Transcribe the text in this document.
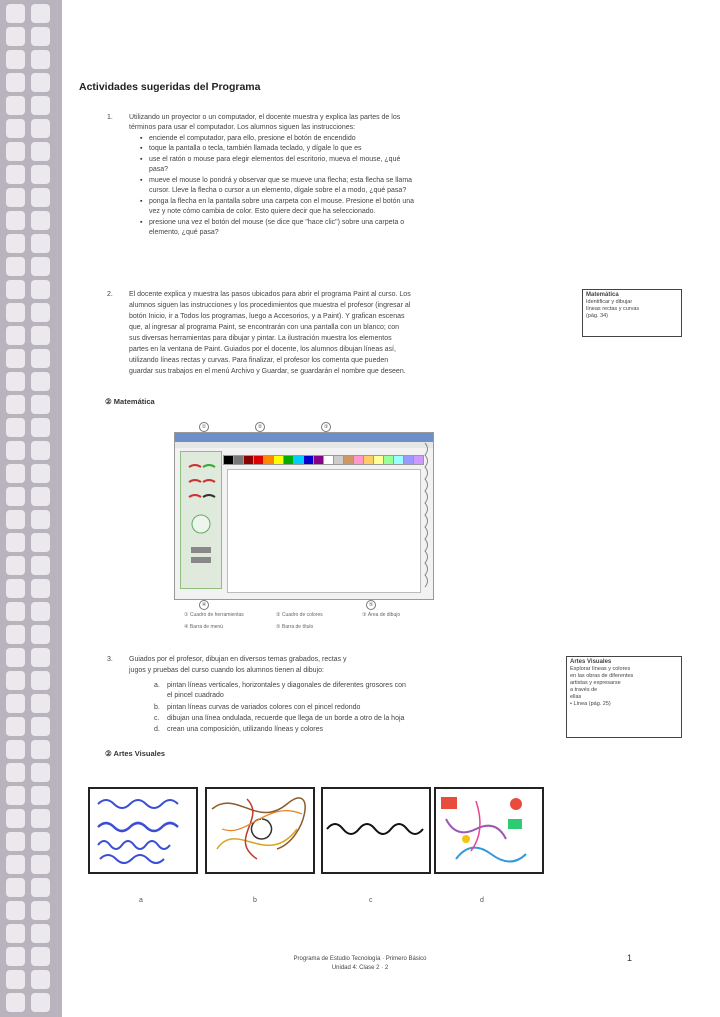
Actividades sugeridas del Programa
1. Utilizando un proyector o un computador, el docente muestra y explica las partes de los
términos para usar el computador. Los alumnos siguen las instrucciones:
▪ enciende el computador, para ello, presione el botón de encendido
▪ toque la pantalla o tecla, también llamada teclado, y dígale lo que es
▪ use el ratón o mouse para elegir elementos del escritorio, mueva el mouse, ¿qué
pasa?
▪ mueve el mouse lo pondrá y observar que se mueve una flecha; esta flecha se llama
cursor. Lleve la flecha o cursor a un elemento, dígale sobre el a modo, ¿qué pasa?
▪ ponga la flecha en la pantalla sobre una carpeta con el mouse. Presione el botón una
vez y note cómo cambia de color. Esto quiere decir que ha seleccionado.
▪ presione una vez el botón del mouse (se dice que "hace clic") sobre una carpeta o
elemento, ¿qué pasa?
2. El docente explica y muestra las pasos ubicados para abrir el programa Paint al curso. Los
alumnos siguen las instrucciones y los procedimientos que muestra el profesor (ingresar al
botón Inicio, ir a Todos los programas, luego a Accesorios, y a Paint). Y grafican escenas
que, al ingresar al programa Paint, se encontrarán con una pantalla con un blanco; con
sus diversas herramientas para dibujar y pintar. La ilustración muestra los elementos
partes en la ventana de Paint. Guiados por el docente, los alumnos dibujan líneas así,
utilizando líneas rectas y curvas. Para finalizar, el profesor los comenta que pueden
guardar sus trabajos en el menú Archivo y Guardar, se guardarán el nombre que deseen.
Matemática
Identificar y dibujar
líneas rectas y curvas
(pág. 34)
② Matemática
①	②	③
④	⑤
① Cuadro de herramientas	② Cuadro de colores	③ Área de dibujo
④ Barra de menú	⑤ Barra de título
3. Guiados por el profesor, dibujan en diversos temas grabados, rectas y
jugos y pruebas del curso cuando los alumnos tienen al dibujo:
a. pintan líneas verticales, horizontales y diagonales de diferentes grosores con
el pincel cuadrado
b. pintan líneas curvas de variados colores con el pincel redondo
c. dibujan una línea ondulada, recuerde que llega de un borde a otro de la hoja
d. crean una composición, utilizando líneas y colores
Artes Visuales
Explorar líneas y colores
en las obras de diferentes
artistas y expresarse
a través de
ellas
• Línea (pág. 25)
② Artes Visuales
a	b	c	d
Programa de Estudio Tecnología · Primero Básico
Unidad 4: Clase 2 · 2
1
